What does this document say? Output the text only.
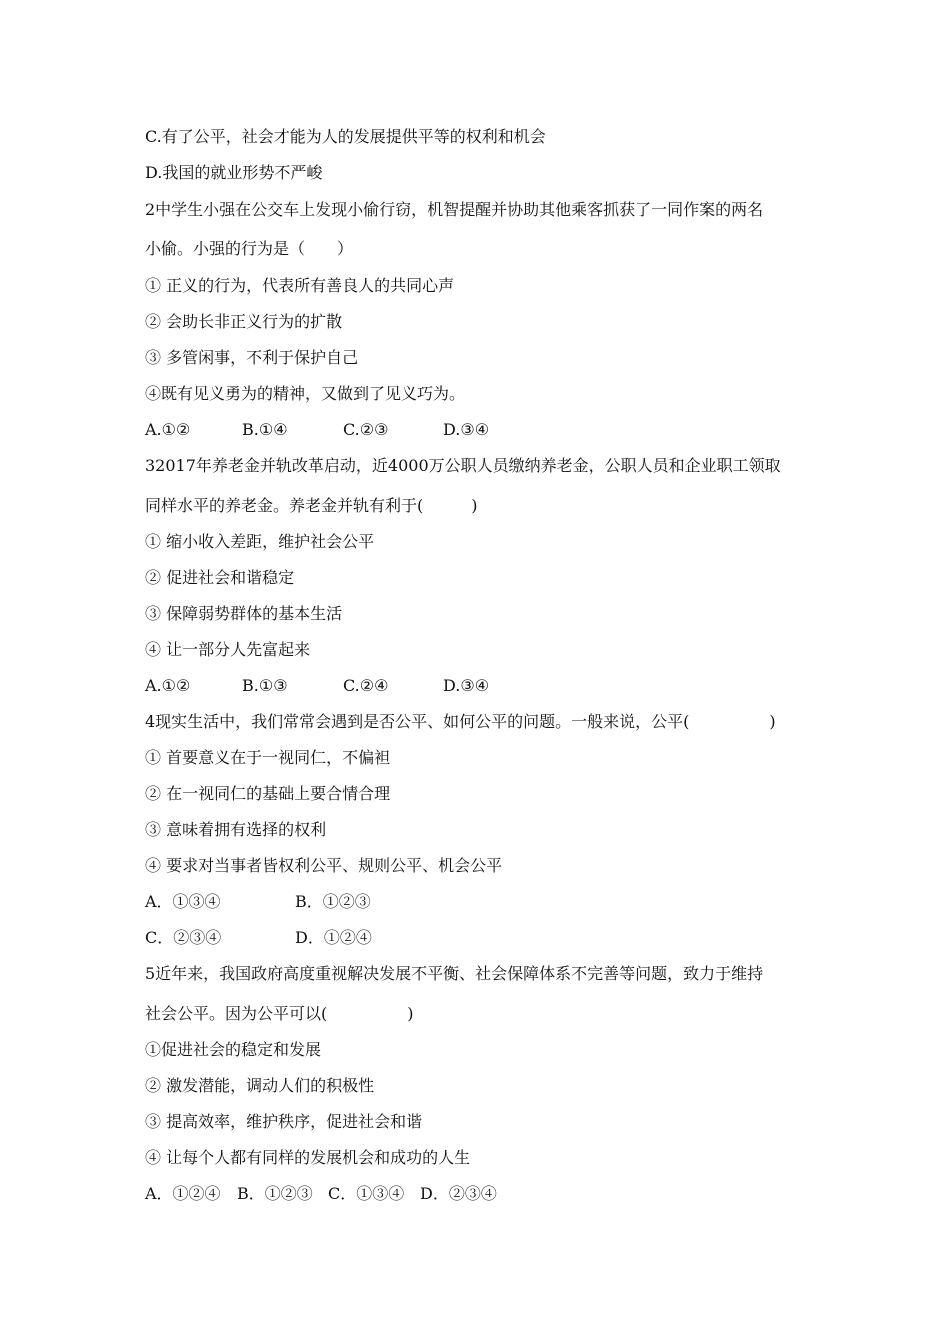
C.有了公平，社会才能为人的发展提供平等的权利和机会

D.我国的就业形势不严峻

2中学生小强在公交车上发现小偷行窃，机智提醒并协助其他乘客抓获了一同作案的两名

小偷。小强的行为是（　　）

① 正义的行为，代表所有善良人的共同心声

② 会助长非正义行为的扩散

③ 多管闲事，不利于保护自己

④既有见义勇为的精神，又做到了见义巧为。

A.①②	B.①④	C.②③	D.③④

32017年养老金并轨改革启动，近4000万公职人员缴纳养老金，公职人员和企业职工领取

同样水平的养老金。养老金并轨有利于(　　　)

① 缩小收入差距，维护社会公平

② 促进社会和谐稳定

③ 保障弱势群体的基本生活

④ 让一部分人先富起来

A.①②	B.①③	C.②④	D.③④

4现实生活中，我们常常会遇到是否公平、如何公平的问题。一般来说，公平(　　　　　)

① 首要意义在于一视同仁，不偏袒

② 在一视同仁的基础上要合情合理

③ 意味着拥有选择的权利

④ 要求对当事者皆权利公平、规则公平、机会公平

A．①③④	B．①②③
C．②③④	D．①②④

5近年来，我国政府高度重视解决发展不平衡、社会保障体系不完善等问题，致力于维持

社会公平。因为公平可以(　　　　　)

①促进社会的稳定和发展

② 激发潜能，调动人们的积极性

③ 提高效率，维护秩序，促进社会和谐

④ 让每个人都有同样的发展机会和成功的人生

A．①②④ B．①②③ C．①③④ D．②③④
